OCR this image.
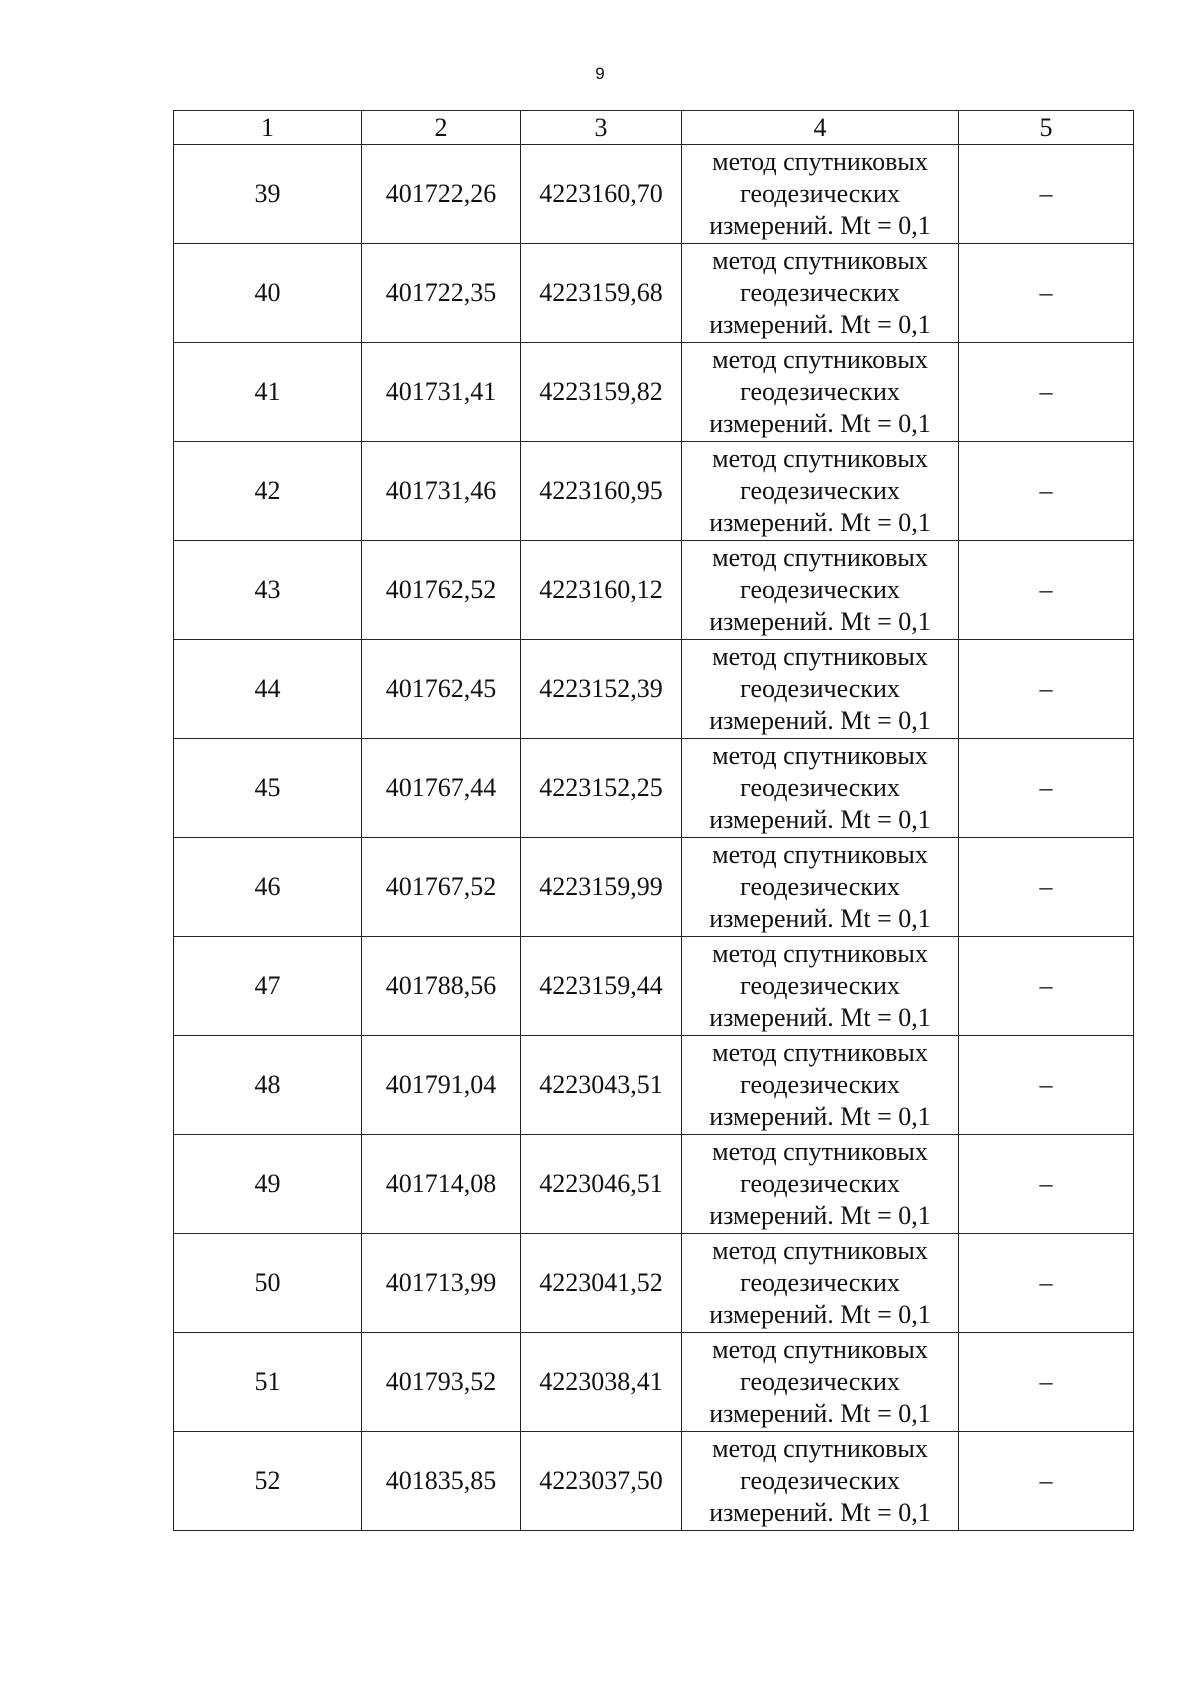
9
1	2	3	4	5
39	401722,26	4223160,70	метод спутниковых
геодезических
измерений. Mt = 0,1	–
40	401722,35	4223159,68	метод спутниковых
геодезических
измерений. Mt = 0,1	–
41	401731,41	4223159,82	метод спутниковых
геодезических
измерений. Mt = 0,1	–
42	401731,46	4223160,95	метод спутниковых
геодезических
измерений. Mt = 0,1	–
43	401762,52	4223160,12	метод спутниковых
геодезических
измерений. Mt = 0,1	–
44	401762,45	4223152,39	метод спутниковых
геодезических
измерений. Mt = 0,1	–
45	401767,44	4223152,25	метод спутниковых
геодезических
измерений. Mt = 0,1	–
46	401767,52	4223159,99	метод спутниковых
геодезических
измерений. Mt = 0,1	–
47	401788,56	4223159,44	метод спутниковых
геодезических
измерений. Mt = 0,1	–
48	401791,04	4223043,51	метод спутниковых
геодезических
измерений. Mt = 0,1	–
49	401714,08	4223046,51	метод спутниковых
геодезических
измерений. Mt = 0,1	–
50	401713,99	4223041,52	метод спутниковых
геодезических
измерений. Mt = 0,1	–
51	401793,52	4223038,41	метод спутниковых
геодезических
измерений. Mt = 0,1	–
52	401835,85	4223037,50	метод спутниковых
геодезических
измерений. Mt = 0,1	–
